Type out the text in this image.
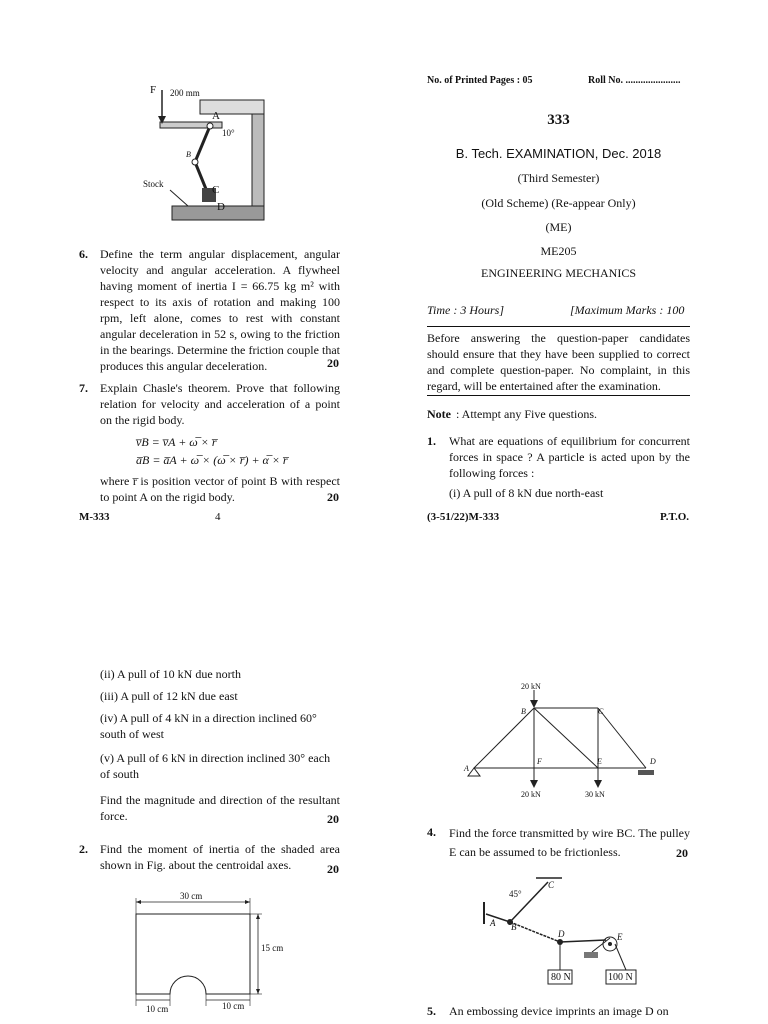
F 200 mm
A
10°
B
Stock	C
D
6. Define the term angular displacement, angular velocity and angular acceleration. A flywheel having moment of inertia I = 66.75 kg m² with respect to its axis of rotation and making 100 rpm, left alone, comes to rest with constant angular deceleration in 52 s, owing to the friction in the bearings. Determine the friction couple that produces this angular deceleration.	20
7. Explain Chasle's theorem. Prove that following relation for velocity and acceleration of a point on the rigid body.
v̅B = v̅A + ω̅ × r̅
a̅B = a̅A + ω̅ × (ω̅ × r̅) + α̅ × r̅
where r̅ is position vector of point B with respect to point A on the rigid body.	20
M-333	4
No. of Printed Pages : 05	Roll No. ......................
333
B. Tech. EXAMINATION, Dec. 2018
(Third Semester)
(Old Scheme) (Re-appear Only)
(ME)
ME205
ENGINEERING MECHANICS
Time : 3 Hours]	[Maximum Marks : 100
Before answering the question-paper candidates should ensure that they have been supplied to correct and complete question-paper. No complaint, in this regard, will be entertained after the examination.
Note : Attempt any Five questions.
1. What are equations of equilibrium for concurrent forces in space ? A particle is acted upon by the following forces :
(i) A pull of 8 kN due north-east
(3-51/22)M-333	P.T.O.
(ii) A pull of 10 kN due north
(iii) A pull of 12 kN due east
(iv) A pull of 4 kN in a direction inclined 60° south of west
(v) A pull of 6 kN in direction inclined 30° each of south
Find the magnitude and direction of the resultant force.	20
2. Find the moment of inertia of the shaded area shown in Fig. about the centroidal axes.	20
30 cm
15 cm
10 cm	10 cm
20 kN
B	C
A
F	E	D
20 kN	30 kN
4. Find the force transmitted by wire BC. The pulley E can be assumed to be frictionless.	20
45°
C
A B
D	E
80 N	100 N
5. An embossing device imprints an image D on
